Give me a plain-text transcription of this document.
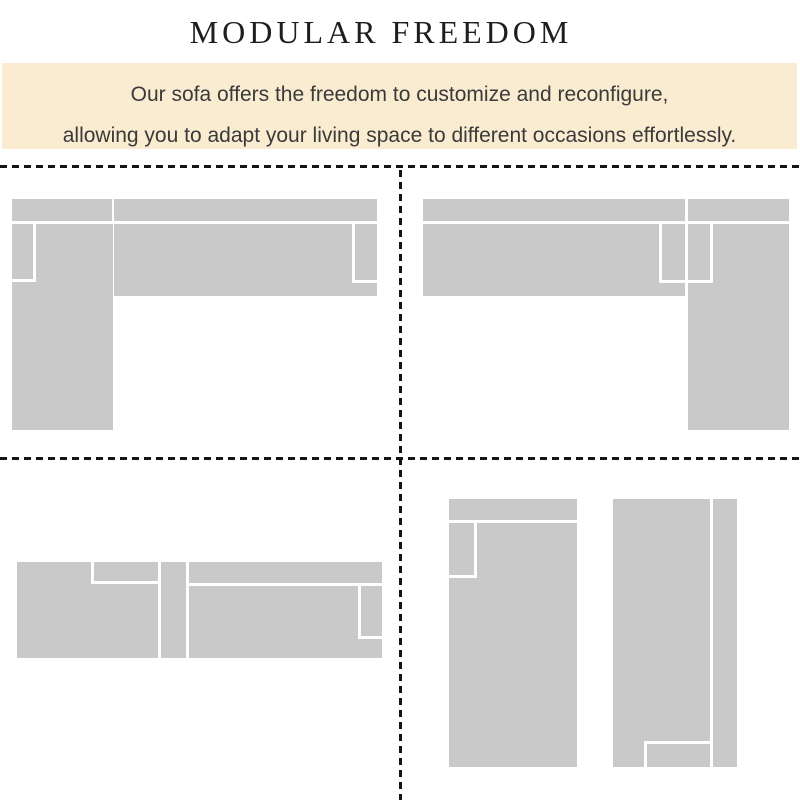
MODULAR FREEDOM
Our sofa offers the freedom to customize and reconfigure,
allowing you to adapt your living space to different occasions effortlessly.
